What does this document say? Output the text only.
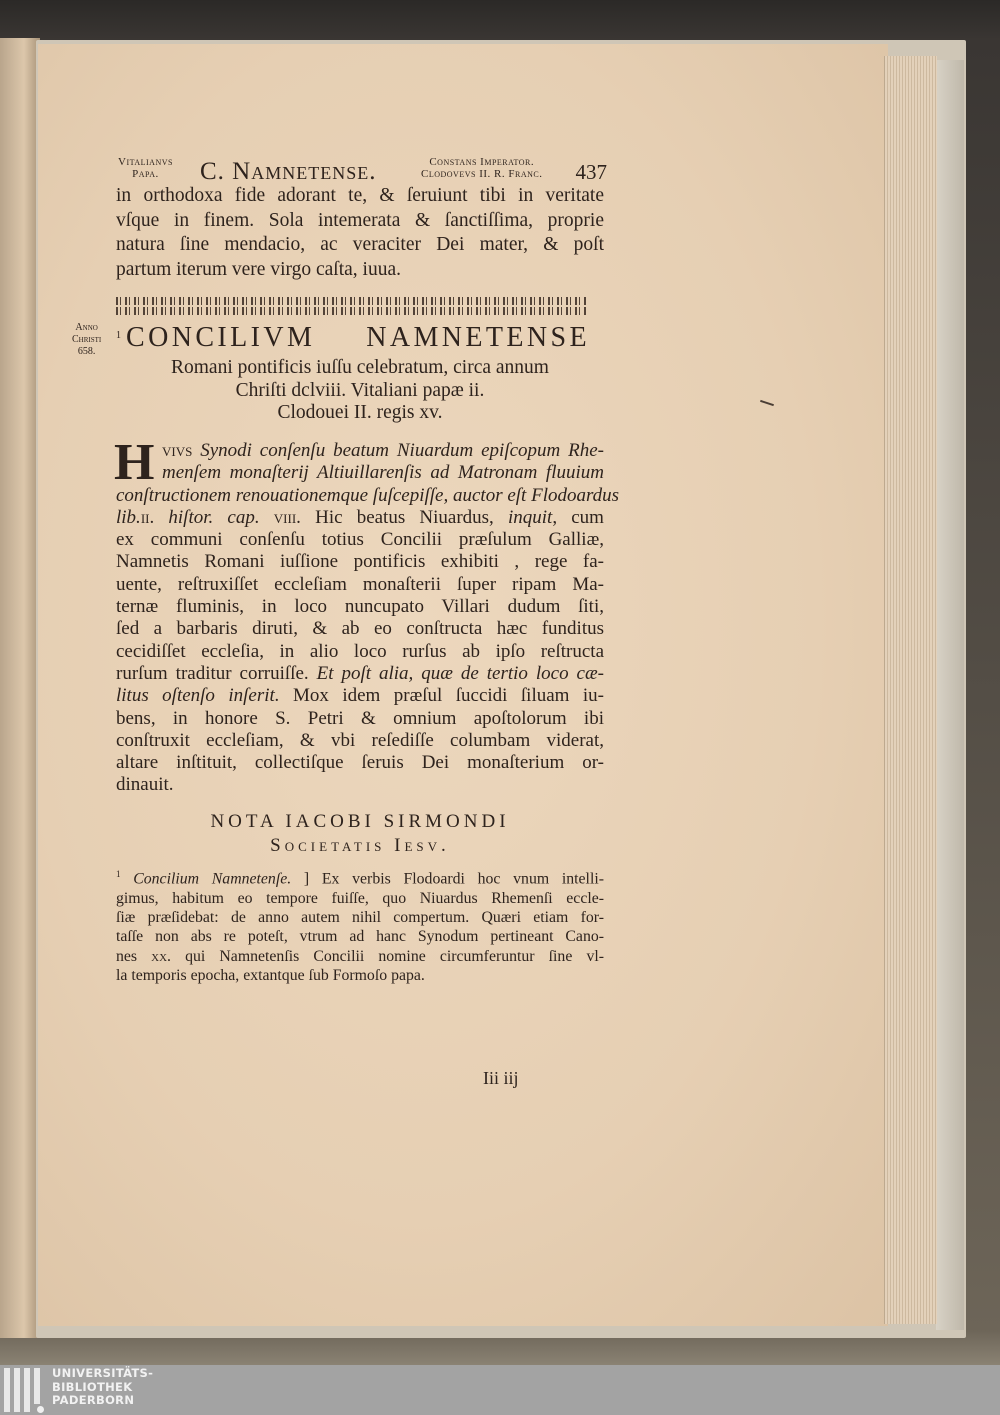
Vitalianvs
Papa.	C. Namnetense.	Constans Imperator.
Clodovevs II. R. Franc. 437
in orthodoxa fide adorant te, & ſeruiunt tibi in veritate
vſque in finem. Sola intemerata & ſanctiſſima, proprie
natura ſine mendacio, ac veraciter Dei mater, & poſt
partum iterum vere virgo caſta, iuua.
Anno
Christi
658.
1 CONCILIVM NAMNETENSE
Romani pontificis iuſſu celebratum, circa annum
Chriſti dclviii. Vitaliani papæ ii.
Clodouei II. regis xv.
H vivs Synodi conſenſu beatum Niuardum epiſcopum Rhe-
menſem monaſterij Altiuillarenſis ad Matronam fluuium
conſtructionem renouationemque ſuſcepiſſe, auctor eſt Flodoardus
lib.ii. hiſtor. cap. viii. Hic beatus Niuardus, inquit, cum
ex communi conſenſu totius Concilii præſulum Galliæ,
Namnetis Romani iuſſione pontificis exhibiti , rege fa-
uente, reſtruxiſſet eccleſiam monaſterii ſuper ripam Ma-
ternæ fluminis, in loco nuncupato Villari dudum ſiti,
ſed a barbaris diruti, & ab eo conſtructa hæc funditus
cecidiſſet eccleſia, in alio loco rurſus ab ipſo reſtructa
rurſum traditur corruiſſe. Et poſt alia, quæ de tertio loco cæ-
litus oſtenſo inſerit. Mox idem præſul ſuccidi ſiluam iu-
bens, in honore S. Petri & omnium apoſtolorum ibi
conſtruxit eccleſiam, & vbi reſediſſe columbam viderat,
altare inſtituit, collectiſque ſeruis Dei monaſterium or-
dinauit.
NOTA IACOBI SIRMONDI
Societatis Iesv.
$^1$ Concilium Namnetenſe. ] Ex verbis Flodoardi hoc vnum intelli-
gimus, habitum eo tempore fuiſſe, quo Niuardus Rhemenſi eccle-
ſiæ præſidebat: de anno autem nihil compertum. Quæri etiam for-
taſſe non abs re poteſt, vtrum ad hanc Synodum pertineant Cano-
nes xx. qui Namnetenſis Concilii nomine circumferuntur ſine vl-
la temporis epocha, extantque ſub Formoſo papa.
Iii iij
UNIVERSITÄTS-
BIBLIOTHEK
PADERBORN
